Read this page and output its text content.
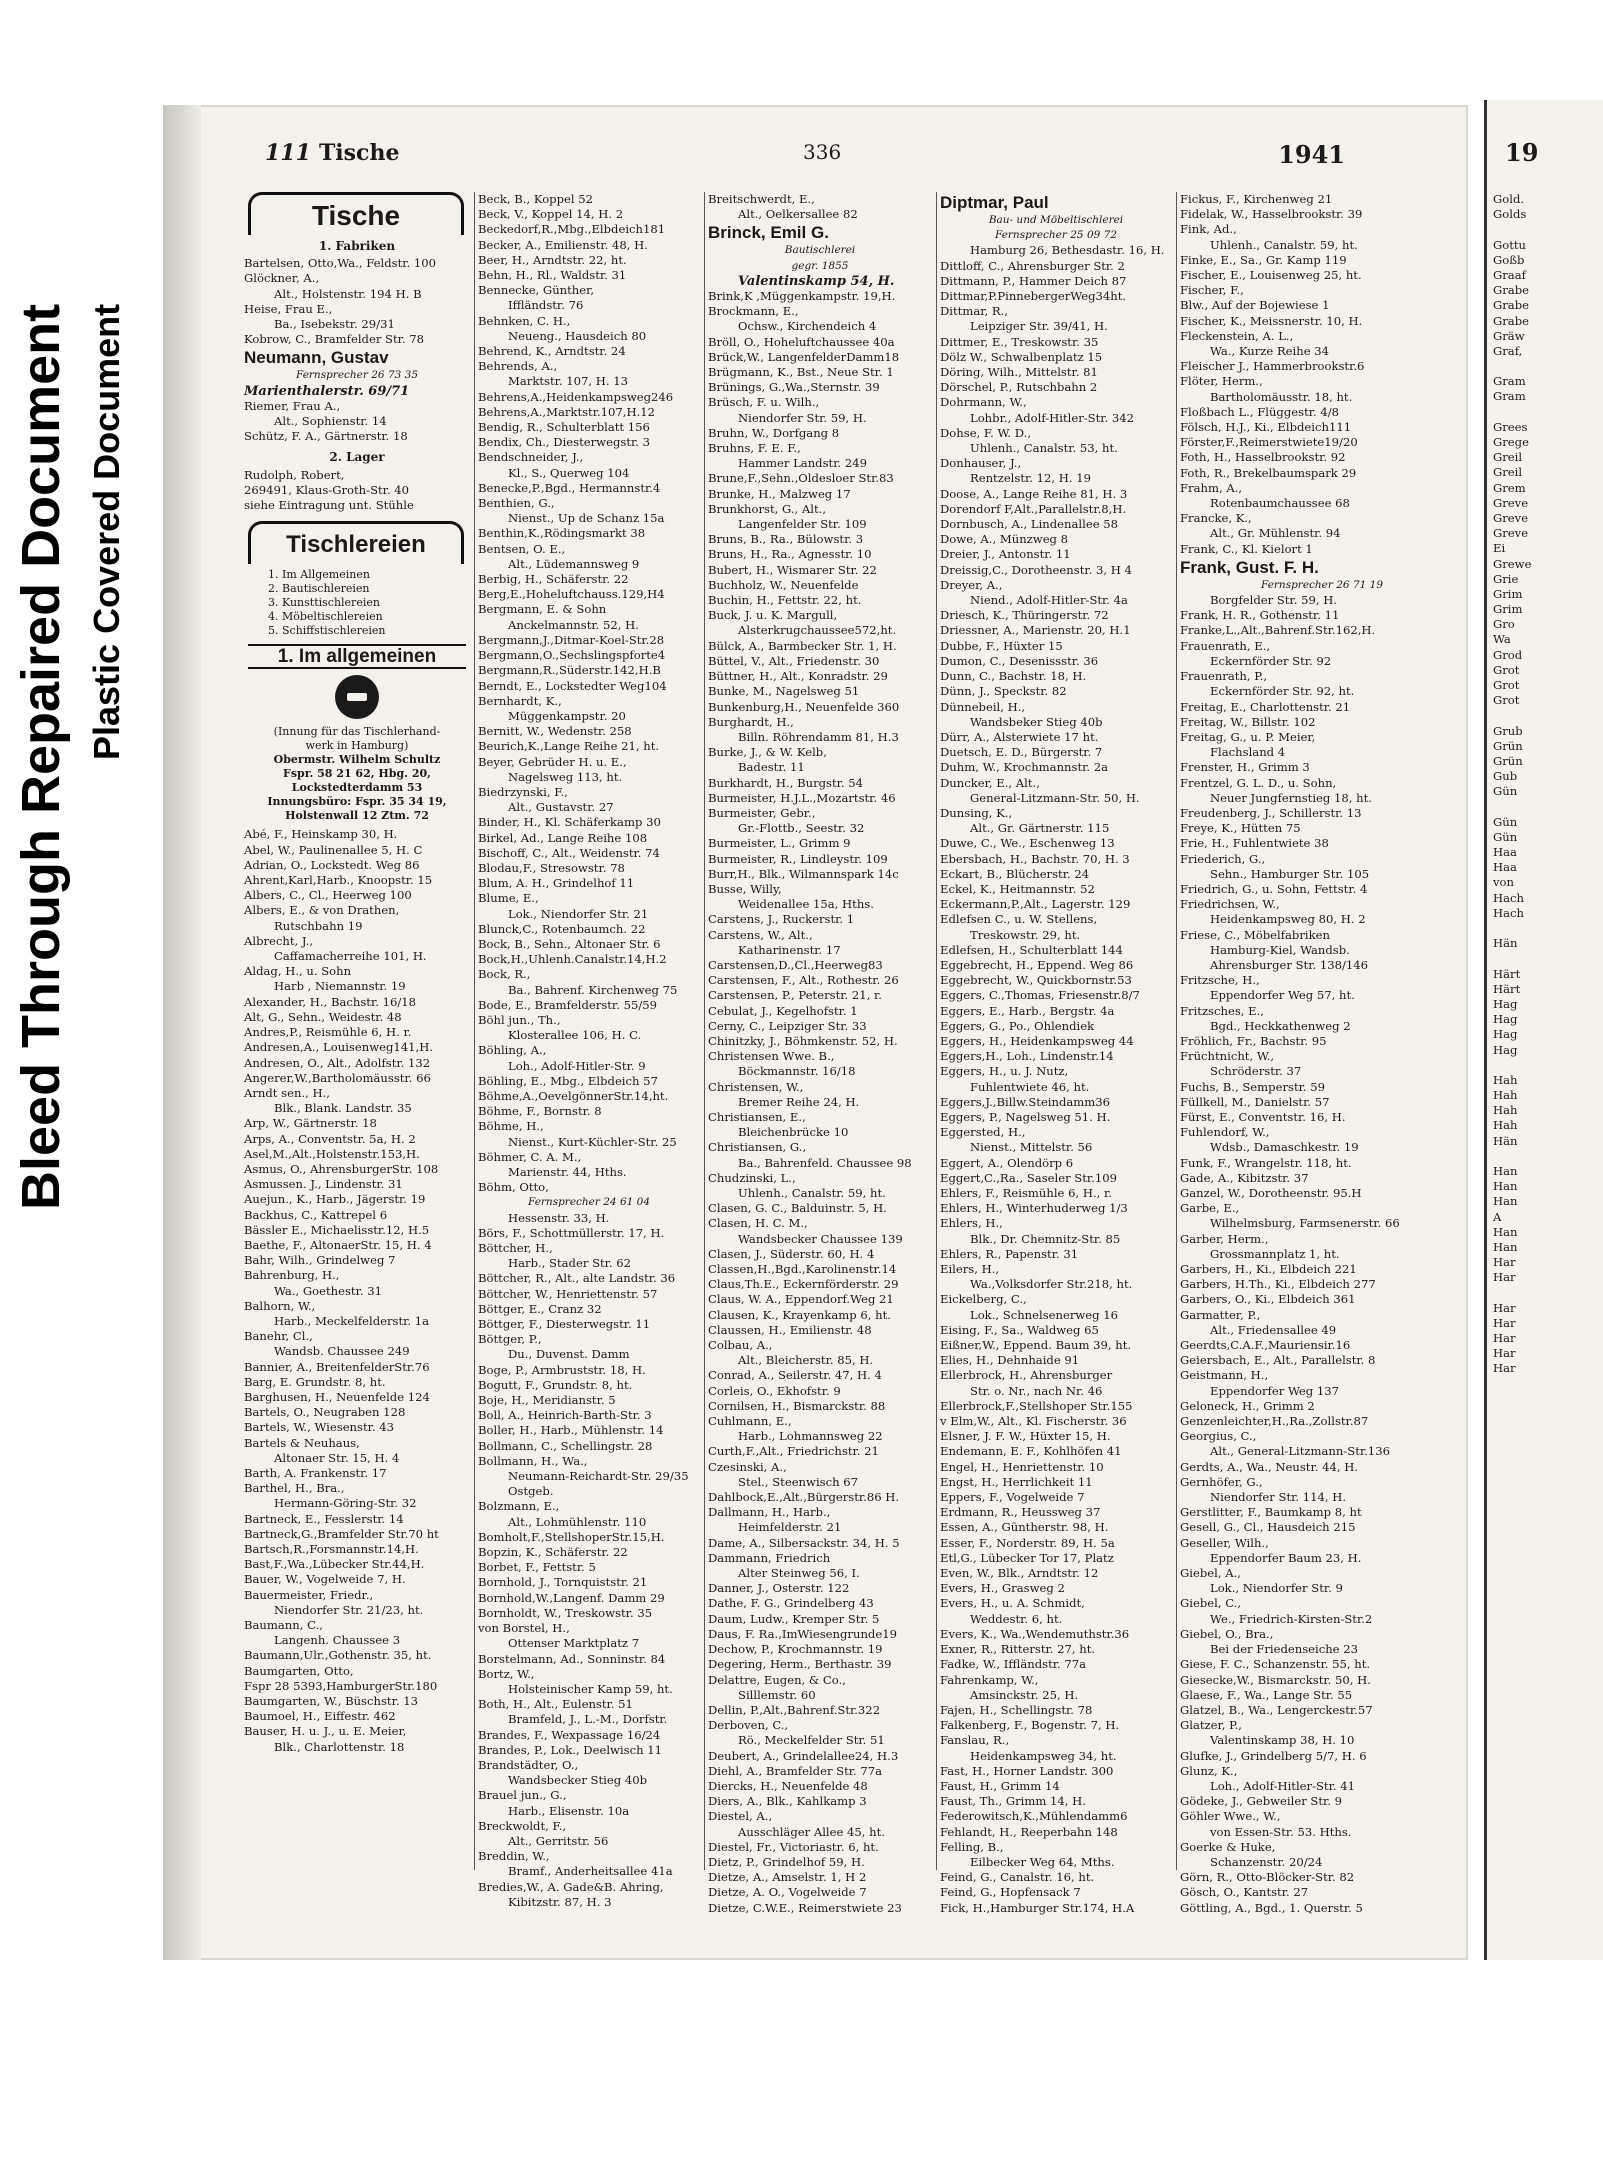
Bleed Through Repaired Document Plastic Covered Document
19
Gold.
Golds
Gottu
Goßb
Graaf
Grabe
Grabe
Grabe
Gräw
Graf,
Gram
Gram
Grees
Grege
Greil
Greil
Grem
Greve
Greve
Greve
Ei
Grewe
Grie
Grim
Grim
Gro
Wa
Grod
Grot
Grot
Grot
Grub
Grün
Grün
Gub
Gün
Gün
Gün
Haa
Haa
von
Hach
Hach
Hän
Härt
Härt
Hag
Hag
Hag
Hag
Hah
Hah
Hah
Hah
Hän
Han
Han
Han
A
Han
Han
Har
Har
Har
Har
Har
Har
Har
111 Tische	336	1941
Tische
1. Fabriken
Bartelsen, Otto,Wa., Feldstr. 100
Glöckner, A.,
Alt., Holstenstr. 194 H. B
Heise, Frau E.,
Ba., Isebekstr. 29/31
Kobrow, C., Bramfelder Str. 78
Neumann, Gustav
Fernsprecher 26 73 35
Marienthalerstr. 69/71
Riemer, Frau A.,
Alt., Sophienstr. 14
Schütz, F. A., Gärtnerstr. 18
2. Lager
Rudolph, Robert,
269491, Klaus-Groth-Str. 40
siehe Eintragung unt. Stühle
Tischlereien
1. Im Allgemeinen
2. Bautischlereien
3. Kunsttischlereien
4. Möbeltischlereien
5. Schiffstischlereien
1. Im allgemeinen
(Innung für das Tischlerhand-
werk in Hamburg)
Obermstr. Wilhelm Schultz
Fspr. 58 21 62, Hbg. 20,
Lockstedterdamm 53
Innungsbüro: Fspr. 35 34 19,
Holstenwall 12 Ztm. 72
Abé, F., Heinskamp 30, H.
Abel, W., Paulinenallee 5, H. C
Adrian, O., Lockstedt. Weg 86
Ahrent,Karl,Harb., Knoopstr. 15
Albers, C., Cl., Heerweg 100
Albers, E., & von Drathen,
Rutschbahn 19
Albrecht, J.,
Caffamacherreihe 101, H.
Aldag, H., u. Sohn
Harb , Niemannstr. 19
Alexander, H., Bachstr. 16/18
Alt, G., Sehn., Weidestr. 48
Andres,P., Reismühle 6, H. r.
Andresen,A., Louisenweg141,H.
Andresen, O., Alt., Adolfstr. 132
Angerer,W.,Bartholomäusstr. 66
Arndt sen., H.,
Blk., Blank. Landstr. 35
Arp, W., Gärtnerstr. 18
Arps, A., Conventstr. 5a, H. 2
Asel,M.,Alt.,Holstenstr.153,H.
Asmus, O., AhrensburgerStr. 108
Asmussen. J., Lindenstr. 31
Auejun., K., Harb., Jägerstr. 19
Backhus, C., Kattrepel 6
Bässler E., Michaelisstr.12, H.5
Baethe, F., AltonaerStr. 15, H. 4
Bahr, Wilh., Grindelweg 7
Bahrenburg, H.,
Wa., Goethestr. 31
Balhorn, W.,
Harb., Meckelfelderstr. 1a
Banehr, Cl.,
Wandsb. Chaussee 249
Bannier, A., BreitenfelderStr.76
Barg, E. Grundstr. 8, ht.
Barghusen, H., Neuenfelde 124
Bartels, O., Neugraben 128
Bartels, W., Wiesenstr. 43
Bartels & Neuhaus,
Altonaer Str. 15, H. 4
Barth, A. Frankenstr. 17
Barthel, H., Bra.,
Hermann-Göring-Str. 32
Bartneck, E., Fesslerstr. 14
Bartneck,G.,Bramfelder Str.70 ht
Bartsch,R.,Forsmannstr.14,H.
Bast,F.,Wa.,Lübecker Str.44,H.
Bauer, W., Vogelweide 7, H.
Bauermeister, Friedr.,
Niendorfer Str. 21/23, ht.
Baumann, C.,
Langenh. Chaussee 3
Baumann,Ulr.,Gothenstr. 35, ht.
Baumgarten, Otto,
Fspr 28 5393,HamburgerStr.180
Baumgarten, W., Büschstr. 13
Baumoel, H., Eiffestr. 462
Bauser, H. u. J., u. E. Meier,
Blk., Charlottenstr. 18
Beck, B., Koppel 52
Beck, V., Koppel 14, H. 2
Beckedorf,R.,Mbg.,Elbdeich181
Becker, A., Emilienstr. 48, H.
Beer, H., Arndtstr. 22, ht.
Behn, H., Rl., Waldstr. 31
Bennecke, Günther,
Iffländstr. 76
Behnken, C. H.,
Neueng., Hausdeich 80
Behrend, K., Arndtstr. 24
Behrends, A.,
Marktstr. 107, H. 13
Behrens,A.,Heidenkampsweg246
Behrens,A.,Marktstr.107,H.12
Bendig, R., Schulterblatt 156
Bendix, Ch., Diesterwegstr. 3
Bendschneider, J.,
Kl., S., Querweg 104
Benecke,P.,Bgd., Hermannstr.4
Benthien, G.,
Nienst., Up de Schanz 15a
Benthin,K.,Rödingsmarkt 38
Bentsen, O. E.,
Alt., Lüdemannsweg 9
Berbig, H., Schäferstr. 22
Berg,E.,Hoheluftchauss.129,H4
Bergmann, E. & Sohn
Anckelmannstr. 52, H.
Bergmann,J.,Ditmar-Koel-Str.28
Bergmann,O.,Sechslingspforte4
Bergmann,R.,Süderstr.142,H.B
Berndt, E., Lockstedter Weg104
Bernhardt, K.,
Müggenkampstr. 20
Bernitt, W., Wedenstr. 258
Beurich,K.,Lange Reihe 21, ht.
Beyer, Gebrüder H. u. E.,
Nagelsweg 113, ht.
Biedrzynski, F.,
Alt., Gustavstr. 27
Binder, H., Kl. Schäferkamp 30
Birkel, Ad., Lange Reihe 108
Bischoff, C., Alt., Weidenstr. 74
Blodau,F., Stresowstr. 78
Blum, A. H., Grindelhof 11
Blume, E.,
Lok., Niendorfer Str. 21
Blunck,C., Rotenbaumch. 22
Bock, B., Sehn., Altonaer Str. 6
Bock,H.,Uhlenh.Canalstr.14,H.2
Bock, R.,
Ba., Bahrenf. Kirchenweg 75
Bode, E., Bramfelderstr. 55/59
Böhl jun., Th.,
Klosterallee 106, H. C.
Böhling, A.,
Loh., Adolf-Hitler-Str. 9
Böhling, E., Mbg., Elbdeich 57
Böhme,A.,OevelgönnerStr.14,ht.
Böhme, F., Bornstr. 8
Böhme, H.,
Nienst., Kurt-Küchler-Str. 25
Böhmer, C. A. M.,
Marienstr. 44, Hths.
Böhm, Otto,
Fernsprecher 24 61 04
Hessenstr. 33, H.
Börs, F., Schottmüllerstr. 17, H.
Böttcher, H.,
Harb., Stader Str. 62
Böttcher, R., Alt., alte Landstr. 36
Böttcher, W., Henriettenstr. 57
Böttger, E., Cranz 32
Böttger, F., Diesterwegstr. 11
Böttger, P.,
Du., Duvenst. Damm
Boge, P., Armbruststr. 18, H.
Bogutt, F., Grundstr. 8, ht.
Boje, H., Meridianstr. 5
Boll, A., Heinrich-Barth-Str. 3
Boller, H., Harb., Mühlenstr. 14
Bollmann, C., Schellingstr. 28
Bollmann, H., Wa.,
Neumann-Reichardt-Str. 29/35
Ostgeb.
Bolzmann, E.,
Alt., Lohmühlenstr. 110
Bomholt,F.,StellshoperStr.15,H.
Bopzin, K., Schäferstr. 22
Borbet, F., Fettstr. 5
Bornhold, J., Tornquiststr. 21
Bornhold,W.,Langenf. Damm 29
Bornholdt, W., Treskowstr. 35
von Borstel, H.,
Ottenser Marktplatz 7
Borstelmann, Ad., Sonninstr. 84
Bortz, W.,
Holsteinischer Kamp 59, ht.
Both, H., Alt., Eulenstr. 51
Bramfeld, J., L.-M., Dorfstr.
Brandes, F., Wexpassage 16/24
Brandes, P., Lok., Deelwisch 11
Brandstädter, O.,
Wandsbecker Stieg 40b
Brauel jun., G.,
Harb., Elisenstr. 10a
Breckwoldt, F.,
Alt., Gerritstr. 56
Breddin, W.,
Bramf., Anderheitsallee 41a
Bredies,W., A. Gade&B. Ahring,
Kibitzstr. 87, H. 3
Breitschwerdt, E.,
Alt., Oelkersallee 82
Brinck, Emil G.
Bautischlerei
gegr. 1855
Valentinskamp 54, H.
Brink,K ,Müggenkampstr. 19,H.
Brockmann, E.,
Ochsw., Kirchendeich 4
Bröll, O., Hoheluftchaussee 40a
Brück,W., LangenfelderDamm18
Brügmann, K., Bst., Neue Str. 1
Brünings, G.,Wa.,Sternstr. 39
Brüsch, F. u. Wilh.,
Niendorfer Str. 59, H.
Bruhn, W., Dorfgang 8
Bruhns, F. E. F.,
Hammer Landstr. 249
Brune,F.,Sehn.,Oldesloer Str.83
Brunke, H., Malzweg 17
Brunkhorst, G., Alt.,
Langenfelder Str. 109
Bruns, B., Ra., Bülowstr. 3
Bruns, H., Ra., Agnesstr. 10
Bubert, H., Wismarer Str. 22
Buchholz, W., Neuenfelde
Buchin, H., Fettstr. 22, ht.
Buck, J. u. K. Margull,
Alsterkrugchaussee572,ht.
Bülck, A., Barmbecker Str. 1, H.
Büttel, V., Alt., Friedenstr. 30
Büttner, H., Alt., Konradstr. 29
Bunke, M., Nagelsweg 51
Bunkenburg,H., Neuenfelde 360
Burghardt, H.,
Billn. Röhrendamm 81, H.3
Burke, J., & W. Kelb,
Badestr. 11
Burkhardt, H., Burgstr. 54
Burmeister, H.J.L.,Mozartstr. 46
Burmeister, Gebr.,
Gr.-Flottb., Seestr. 32
Burmeister, L., Grimm 9
Burmeister, R., Lindleystr. 109
Burr,H., Blk., Wilmannspark 14c
Busse, Willy,
Weidenallee 15a, Hths.
Carstens, J., Ruckerstr. 1
Carstens, W., Alt.,
Katharinenstr. 17
Carstensen,D.,Cl.,Heerweg83
Carstensen, F., Alt., Rothestr. 26
Carstensen, P., Peterstr. 21, r.
Cebulat, J., Kegelhofstr. 1
Cerny, C., Leipziger Str. 33
Chinitzky, J., Böhmkenstr. 52, H.
Christensen Wwe. B.,
Böckmannstr. 16/18
Christensen, W.,
Bremer Reihe 24, H.
Christiansen, E.,
Bleichenbrücke 10
Christiansen, G.,
Ba., Bahrenfeld. Chaussee 98
Chudzinski, L.,
Uhlenh., Canalstr. 59, ht.
Clasen, G. C., Balduinstr. 5, H.
Clasen, H. C. M.,
Wandsbecker Chaussee 139
Clasen, J., Süderstr. 60, H. 4
Classen,H.,Bgd.,Karolinenstr.14
Claus,Th.E., Eckernförderstr. 29
Claus, W. A., Eppendorf.Weg 21
Clausen, K., Krayenkamp 6, ht.
Claussen, H., Emilienstr. 48
Colbau, A.,
Alt., Bleicherstr. 85, H.
Conrad, A., Seilerstr. 47, H. 4
Corleis, O., Ekhofstr. 9
Cornilsen, H., Bismarckstr. 88
Cuhlmann, E.,
Harb., Lohmannsweg 22
Curth,F.,Alt., Friedrichstr. 21
Czesinski, A.,
Stel., Steenwisch 67
Dahlbock,E.,Alt.,Bürgerstr.86 H.
Dallmann, H., Harb.,
Heimfelderstr. 21
Dame, A., Silbersackstr. 34, H. 5
Dammann, Friedrich
Alter Steinweg 56, I.
Danner, J., Osterstr. 122
Dathe, F. G., Grindelberg 43
Daum, Ludw., Kremper Str. 5
Daus, F. Ra.,ImWiesengrunde19
Dechow, P., Krochmannstr. 19
Degering, Herm., Berthastr. 39
Delattre, Eugen, & Co.,
Silllemstr. 60
Dellin, P.,Alt.,Bahrenf.Str.322
Derboven, C.,
Rö., Meckelfelder Str. 51
Deubert, A., Grindelallee24, H.3
Diehl, A., Bramfelder Str. 77a
Diercks, H., Neuenfelde 48
Diers, A., Blk., Kahlkamp 3
Diestel, A.,
Ausschläger Allee 45, ht.
Diestel, Fr., Victoriastr. 6, ht.
Dietz, P., Grindelhof 59, H.
Dietze, A., Amselstr. 1, H 2
Dietze, A. O., Vogelweide 7
Dietze, C.W.E., Reimerstwiete 23
Diptmar, Paul
Bau- und Möbeltischlerei
Fernsprecher 25 09 72
Hamburg 26, Bethesdastr. 16, H.
Dittloff, C., Ahrensburger Str. 2
Dittmann, P., Hammer Deich 87
Dittmar,P.PinnebergerWeg34ht.
Dittmar, R.,
Leipziger Str. 39/41, H.
Dittmer, E., Treskowstr. 35
Dölz W., Schwalbenplatz 15
Döring, Wilh., Mittelstr. 81
Dörschel, P., Rutschbahn 2
Dohrmann, W.,
Lohbr., Adolf-Hitler-Str. 342
Dohse, F. W. D.,
Uhlenh., Canalstr. 53, ht.
Donhauser, J.,
Rentzelstr. 12, H. 19
Doose, A., Lange Reihe 81, H. 3
Dorendorf F,Alt.,Parallelstr.8,H.
Dornbusch, A., Lindenallee 58
Dowe, A., Münzweg 8
Dreier, J., Antonstr. 11
Dreissig,C., Dorotheenstr. 3, H 4
Dreyer, A.,
Niend., Adolf-Hitler-Str. 4a
Driesch, K., Thüringerstr. 72
Driessner, A., Marienstr. 20, H.1
Dubbe, F., Hüxter 15
Dumon, C., Desenissstr. 36
Dunn, C., Bachstr. 18, H.
Dünn, J., Speckstr. 82
Dünnebeil, H.,
Wandsbeker Stieg 40b
Dürr, A., Alsterwiete 17 ht.
Duetsch, E. D., Bürgerstr. 7
Duhm, W., Krochmannstr. 2a
Duncker, E., Alt.,
General-Litzmann-Str. 50, H.
Dunsing, K.,
Alt., Gr. Gärtnerstr. 115
Duwe, C., We., Eschenweg 13
Ebersbach, H., Bachstr. 70, H. 3
Eckart, B., Blücherstr. 24
Eckel, K., Heitmannstr. 52
Eckermann,P.,Alt., Lagerstr. 129
Edlefsen C., u. W. Stellens,
Treskowstr. 29, ht.
Edlefsen, H., Schulterblatt 144
Eggebrecht, H., Eppend. Weg 86
Eggebrecht, W., Quickbornstr.53
Eggers, C.,Thomas, Friesenstr.8/7
Eggers, E., Harb., Bergstr. 4a
Eggers, G., Po., Ohlendiek
Eggers, H., Heidenkampsweg 44
Eggers,H., Loh., Lindenstr.14
Eggers, H., u. J. Nutz,
Fuhlentwiete 46, ht.
Eggers,J.,Billw.Steindamm36
Eggers, P., Nagelsweg 51. H.
Eggersted, H.,
Nienst., Mittelstr. 56
Eggert, A., Olendörp 6
Eggert,C.,Ra., Saseler Str.109
Ehlers, F., Reismühle 6, H., r.
Ehlers, H., Winterhuderweg 1/3
Ehlers, H.,
Blk., Dr. Chemnitz-Str. 85
Ehlers, R., Papenstr. 31
Eilers, H.,
Wa.,Volksdorfer Str.218, ht.
Eickelberg, C.,
Lok., Schnelsenerweg 16
Eising, F., Sa., Waldweg 65
Eißner,W., Eppend. Baum 39, ht.
Elies, H., Dehnhaide 91
Ellerbrock, H., Ahrensburger
Str. o. Nr., nach Nr. 46
Ellerbrock,F.,Stellshoper Str.155
v Elm,W., Alt., Kl. Fischerstr. 36
Elsner, J. F. W., Hüxter 15, H.
Endemann, E. F., Kohlhöfen 41
Engel, H., Henriettenstr. 10
Engst, H., Herrlichkeit 11
Eppers, F., Vogelweide 7
Erdmann, R., Heussweg 37
Essen, A., Güntherstr. 98, H.
Esser, F., Norderstr. 89, H. 5a
Etl,G., Lübecker Tor 17, Platz
Even, W., Blk., Arndtstr. 12
Evers, H., Grasweg 2
Evers, H., u. A. Schmidt,
Weddestr. 6, ht.
Evers, K., Wa.,Wendemuthstr.36
Exner, R., Ritterstr. 27, ht.
Fadke, W., Iffländstr. 77a
Fahrenkamp, W.,
Amsinckstr. 25, H.
Fajen, H., Schellingstr. 78
Falkenberg, F., Bogenstr. 7, H.
Fanslau, R.,
Heidenkampsweg 34, ht.
Fast, H., Horner Landstr. 300
Faust, H., Grimm 14
Faust, Th., Grimm 14, H.
Federowitsch,K.,Mühlendamm6
Fehlandt, H., Reeperbahn 148
Felling, B.,
Eilbecker Weg 64, Mths.
Feind, G., Canalstr. 16, ht.
Feind, G., Hopfensack 7
Fick, H.,Hamburger Str.174, H.A
Fickus, F., Kirchenweg 21
Fidelak, W., Hasselbrookstr. 39
Fink, Ad.,
Uhlenh., Canalstr. 59, ht.
Finke, E., Sa., Gr. Kamp 119
Fischer, E., Louisenweg 25, ht.
Fischer, F.,
Blw., Auf der Bojewiese 1
Fischer, K., Meissnerstr. 10, H.
Fleckenstein, A. L.,
Wa., Kurze Reihe 34
Fleischer J., Hammerbrookstr.6
Flöter, Herm.,
Bartholomäusstr. 18, ht.
Floßbach L., Flüggestr. 4/8
Fölsch, H.J., Ki., Elbdeich111
Förster,F.,Reimerstwiete19/20
Foth, H., Hasselbrookstr. 92
Foth, R., Brekelbaumspark 29
Frahm, A.,
Rotenbaumchaussee 68
Francke, K.,
Alt., Gr. Mühlenstr. 94
Frank, C., Kl. Kielort 1
Frank, Gust. F. H.
Fernsprecher 26 71 19
Borgfelder Str. 59, H.
Frank, H. R., Gothenstr. 11
Franke,L.,Alt.,Bahrenf.Str.162,H.
Frauenrath, E.,
Eckernförder Str. 92
Frauenrath, P.,
Eckernförder Str. 92, ht.
Freitag, E., Charlottenstr. 21
Freitag, W., Billstr. 102
Freitag, G., u. P. Meier,
Flachsland 4
Frenster, H., Grimm 3
Frentzel, G. L. D., u. Sohn,
Neuer Jungfernstieg 18, ht.
Freudenberg, J., Schillerstr. 13
Freye, K., Hütten 75
Frie, H., Fuhlentwiete 38
Friederich, G.,
Sehn., Hamburger Str. 105
Friedrich, G., u. Sohn, Fettstr. 4
Friedrichsen, W.,
Heidenkampsweg 80, H. 2
Friese, C., Möbelfabriken
Hamburg-Kiel, Wandsb.
Ahrensburger Str. 138/146
Fritzsche, H.,
Eppendorfer Weg 57, ht.
Fritzsches, E.,
Bgd., Heckkathenweg 2
Fröhlich, Fr., Bachstr. 95
Früchtnicht, W.,
Schröderstr. 37
Fuchs, B., Semperstr. 59
Füllkell, M., Danielstr. 57
Fürst, E., Conventstr. 16, H.
Fuhlendorf, W.,
Wdsb., Damaschkestr. 19
Funk, F., Wrangelstr. 118, ht.
Gade, A., Kibitzstr. 37
Ganzel, W., Dorotheenstr. 95.H
Garbe, E.,
Wilhelmsburg, Farmsenerstr. 66
Garber, Herm.,
Grossmannplatz 1, ht.
Garbers, H., Ki., Elbdeich 221
Garbers, H.Th., Ki., Elbdeich 277
Garbers, O., Ki., Elbdeich 361
Garmatter, P.,
Alt., Friedensallee 49
Geerdts,C.A.F.,Mauriensir.16
Geiersbach, E., Alt., Parallelstr. 8
Geistmann, H.,
Eppendorfer Weg 137
Geloneck, H., Grimm 2
Genzenleichter,H.,Ra.,Zollstr.87
Georgius, C.,
Alt., General-Litzmann-Str.136
Gerdts, A., Wa., Neustr. 44, H.
Gernhöfer, G.,
Niendorfer Str. 114, H.
Gerstlitter, F., Baumkamp 8, ht
Gesell, G., Cl., Hausdeich 215
Geseller, Wilh.,
Eppendorfer Baum 23, H.
Giebel, A.,
Lok., Niendorfer Str. 9
Giebel, C.,
We., Friedrich-Kirsten-Str.2
Giebel, O., Bra.,
Bei der Friedenseiche 23
Giese, F. C., Schanzenstr. 55, ht.
Giesecke,W., Bismarckstr. 50, H.
Glaese, F., Wa., Lange Str. 55
Glatzel, B., Wa., Lengerckestr.57
Glatzer, P.,
Valentinskamp 38, H. 10
Glufke, J., Grindelberg 5/7, H. 6
Glunz, K.,
Loh., Adolf-Hitler-Str. 41
Gödeke, J., Gebweiler Str. 9
Göhler Wwe., W.,
von Essen-Str. 53. Hths.
Goerke & Huke,
Schanzenstr. 20/24
Görn, R., Otto-Blöcker-Str. 82
Gösch, O., Kantstr. 27
Göttling, A., Bgd., 1. Querstr. 5
